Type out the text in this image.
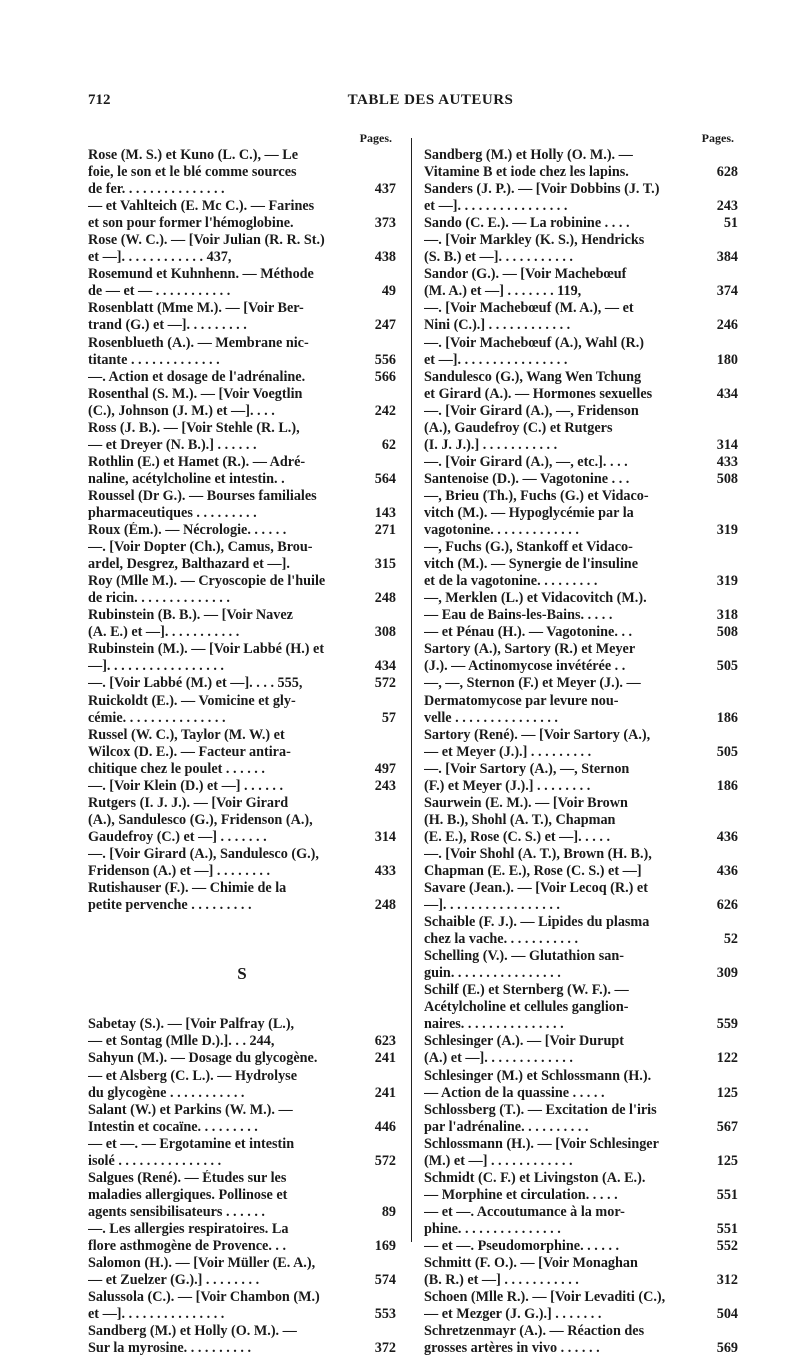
712	TABLE DES AUTEURS
Pages.
Rose (M. S.) et Kuno (L. C.), — Le
foie, le son et le blé comme sources
de fer. . . . . . . . . . . . . . .	437
— et Vahlteich (E. Mc C.). — Farines
et son pour former l'hémoglobine.	373
Rose (W. C.). — [Voir Julian (R. R. St.)
et —]. . . . . . . . . . . . 437,	438
Rosemund et Kuhnhenn. — Méthode
de — et — . . . . . . . . . . .	49
Rosenblatt (Mme M.). — [Voir Ber-
trand (G.) et —]. . . . . . . . .	247
Rosenblueth (A.). — Membrane nic-
titante . . . . . . . . . . . . .	556
—. Action et dosage de l'adrénaline.	566
Rosenthal (S. M.). — [Voir Voegtlin
(C.), Johnson (J. M.) et —]. . . .	242
Ross (J. B.). — [Voir Stehle (R. L.),
— et Dreyer (N. B.).] . . . . . .	62
Rothlin (E.) et Hamet (R.). — Adré-
naline, acétylcholine et intestin. .	564
Roussel (Dr G.). — Bourses familiales
pharmaceutiques . . . . . . . . .	143
Roux (Ém.). — Nécrologie. . . . . .	271
—. [Voir Dopter (Ch.), Camus, Brou-
ardel, Desgrez, Balthazard et —].	315
Roy (Mlle M.). — Cryoscopie de l'huile
de ricin. . . . . . . . . . . . . .	248
Rubinstein (B. B.). — [Voir Navez
(A. E.) et —]. . . . . . . . . . .	308
Rubinstein (M.). — [Voir Labbé (H.) et
—]. . . . . . . . . . . . . . . . .	434
—. [Voir Labbé (M.) et —]. . . . 555,	572
Ruickoldt (E.). — Vomicine et gly-
cémie. . . . . . . . . . . . . . .	57
Russel (W. C.), Taylor (M. W.) et
Wilcox (D. E.). — Facteur antira-
chitique chez le poulet . . . . . .	497
—. [Voir Klein (D.) et —] . . . . . .	243
Rutgers (I. J. J.). — [Voir Girard
(A.), Sandulesco (G.), Fridenson (A.),
Gaudefroy (C.) et —] . . . . . . .	314
—. [Voir Girard (A.), Sandulesco (G.),
Fridenson (A.) et —] . . . . . . . .	433
Rutishauser (F.). — Chimie de la
petite pervenche . . . . . . . . .	248
S
Sabetay (S.). — [Voir Palfray (L.),
— et Sontag (Mlle D.).]. . . 244,	623
Sahyun (M.). — Dosage du glycogène.	241
— et Alsberg (C. L.). — Hydrolyse
du glycogène . . . . . . . . . . .	241
Salant (W.) et Parkins (W. M.). —
Intestin et cocaïne. . . . . . . . .	446
— et —. — Ergotamine et intestin
isolé . . . . . . . . . . . . . . .	572
Salgues (René). — Études sur les
maladies allergiques. Pollinose et
agents sensibilisateurs . . . . . .	89
—. Les allergies respiratoires. La
flore asthmogène de Provence. . .	169
Salomon (H.). — [Voir Müller (E. A.),
— et Zuelzer (G.).] . . . . . . . .	574
Salussola (C.). — [Voir Chambon (M.)
et —]. . . . . . . . . . . . . . .	553
Sandberg (M.) et Holly (O. M.). —
Sur la myrosine. . . . . . . . . .	372
Pages.
Sandberg (M.) et Holly (O. M.). —
Vitamine B et iode chez les lapins.	628
Sanders (J. P.). — [Voir Dobbins (J. T.)
et —]. . . . . . . . . . . . . . . .	243
Sando (C. E.). — La robinine . . . .	51
—. [Voir Markley (K. S.), Hendricks
(S. B.) et —]. . . . . . . . . . .	384
Sandor (G.). — [Voir Machebœuf
(M. A.) et —] . . . . . . . 119,	374
—. [Voir Machebœuf (M. A.), — et
Nini (C.).] . . . . . . . . . . . .	246
—. [Voir Machebœuf (A.), Wahl (R.)
et —]. . . . . . . . . . . . . . . .	180
Sandulesco (G.), Wang Wen Tchung
et Girard (A.). — Hormones sexuelles	434
—. [Voir Girard (A.), —, Fridenson
(A.), Gaudefroy (C.) et Rutgers
(I. J. J.).] . . . . . . . . . . .	314
—. [Voir Girard (A.), —, etc.]. . . .	433
Santenoise (D.). — Vagotonine . . .	508
—, Brieu (Th.), Fuchs (G.) et Vidaco-
vitch (M.). — Hypoglycémie par la
vagotonine. . . . . . . . . . . . .	319
—, Fuchs (G.), Stankoff et Vidaco-
vitch (M.). — Synergie de l'insuline
et de la vagotonine. . . . . . . . .	319
—, Merklen (L.) et Vidacovitch (M.).
— Eau de Bains-les-Bains. . . . .	318
— et Pénau (H.). — Vagotonine. . .	508
Sartory (A.), Sartory (R.) et Meyer
(J.). — Actinomycose invétérée . .	505
—, —, Sternon (F.) et Meyer (J.). —
Dermatomycose par levure nou-
velle . . . . . . . . . . . . . . .	186
Sartory (René). — [Voir Sartory (A.),
— et Meyer (J.).] . . . . . . . . .	505
—. [Voir Sartory (A.), —, Sternon
(F.) et Meyer (J.).] . . . . . . . .	186
Saurwein (E. M.). — [Voir Brown
(H. B.), Shohl (A. T.), Chapman
(E. E.), Rose (C. S.) et —]. . . . .	436
—. [Voir Shohl (A. T.), Brown (H. B.),
Chapman (E. E.), Rose (C. S.) et —]	436
Savare (Jean.). — [Voir Lecoq (R.) et
—]. . . . . . . . . . . . . . . . .	626
Schaible (F. J.). — Lipides du plasma
chez la vache. . . . . . . . . . .	52
Schelling (V.). — Glutathion san-
guin. . . . . . . . . . . . . . . .	309
Schilf (E.) et Sternberg (W. F.). —
Acétylcholine et cellules ganglion-
naires. . . . . . . . . . . . . . .	559
Schlesinger (A.). — [Voir Durupt
(A.) et —]. . . . . . . . . . . . .	122
Schlesinger (M.) et Schlossmann (H.).
— Action de la quassine . . . . .	125
Schlossberg (T.). — Excitation de l'iris
par l'adrénaline. . . . . . . . . .	567
Schlossmann (H.). — [Voir Schlesinger
(M.) et —] . . . . . . . . . . . .	125
Schmidt (C. F.) et Livingston (A. E.).
— Morphine et circulation. . . . .	551
— et —. Accoutumance à la mor-
phine. . . . . . . . . . . . . . .	551
— et —. Pseudomorphine. . . . . .	552
Schmitt (F. O.). — [Voir Monaghan
(B. R.) et —] . . . . . . . . . . .	312
Schoen (Mlle R.). — [Voir Levaditi (C.),
— et Mezger (J. G.).] . . . . . . .	504
Schretzenmayr (A.). — Réaction des
grosses artères in vivo . . . . . .	569
